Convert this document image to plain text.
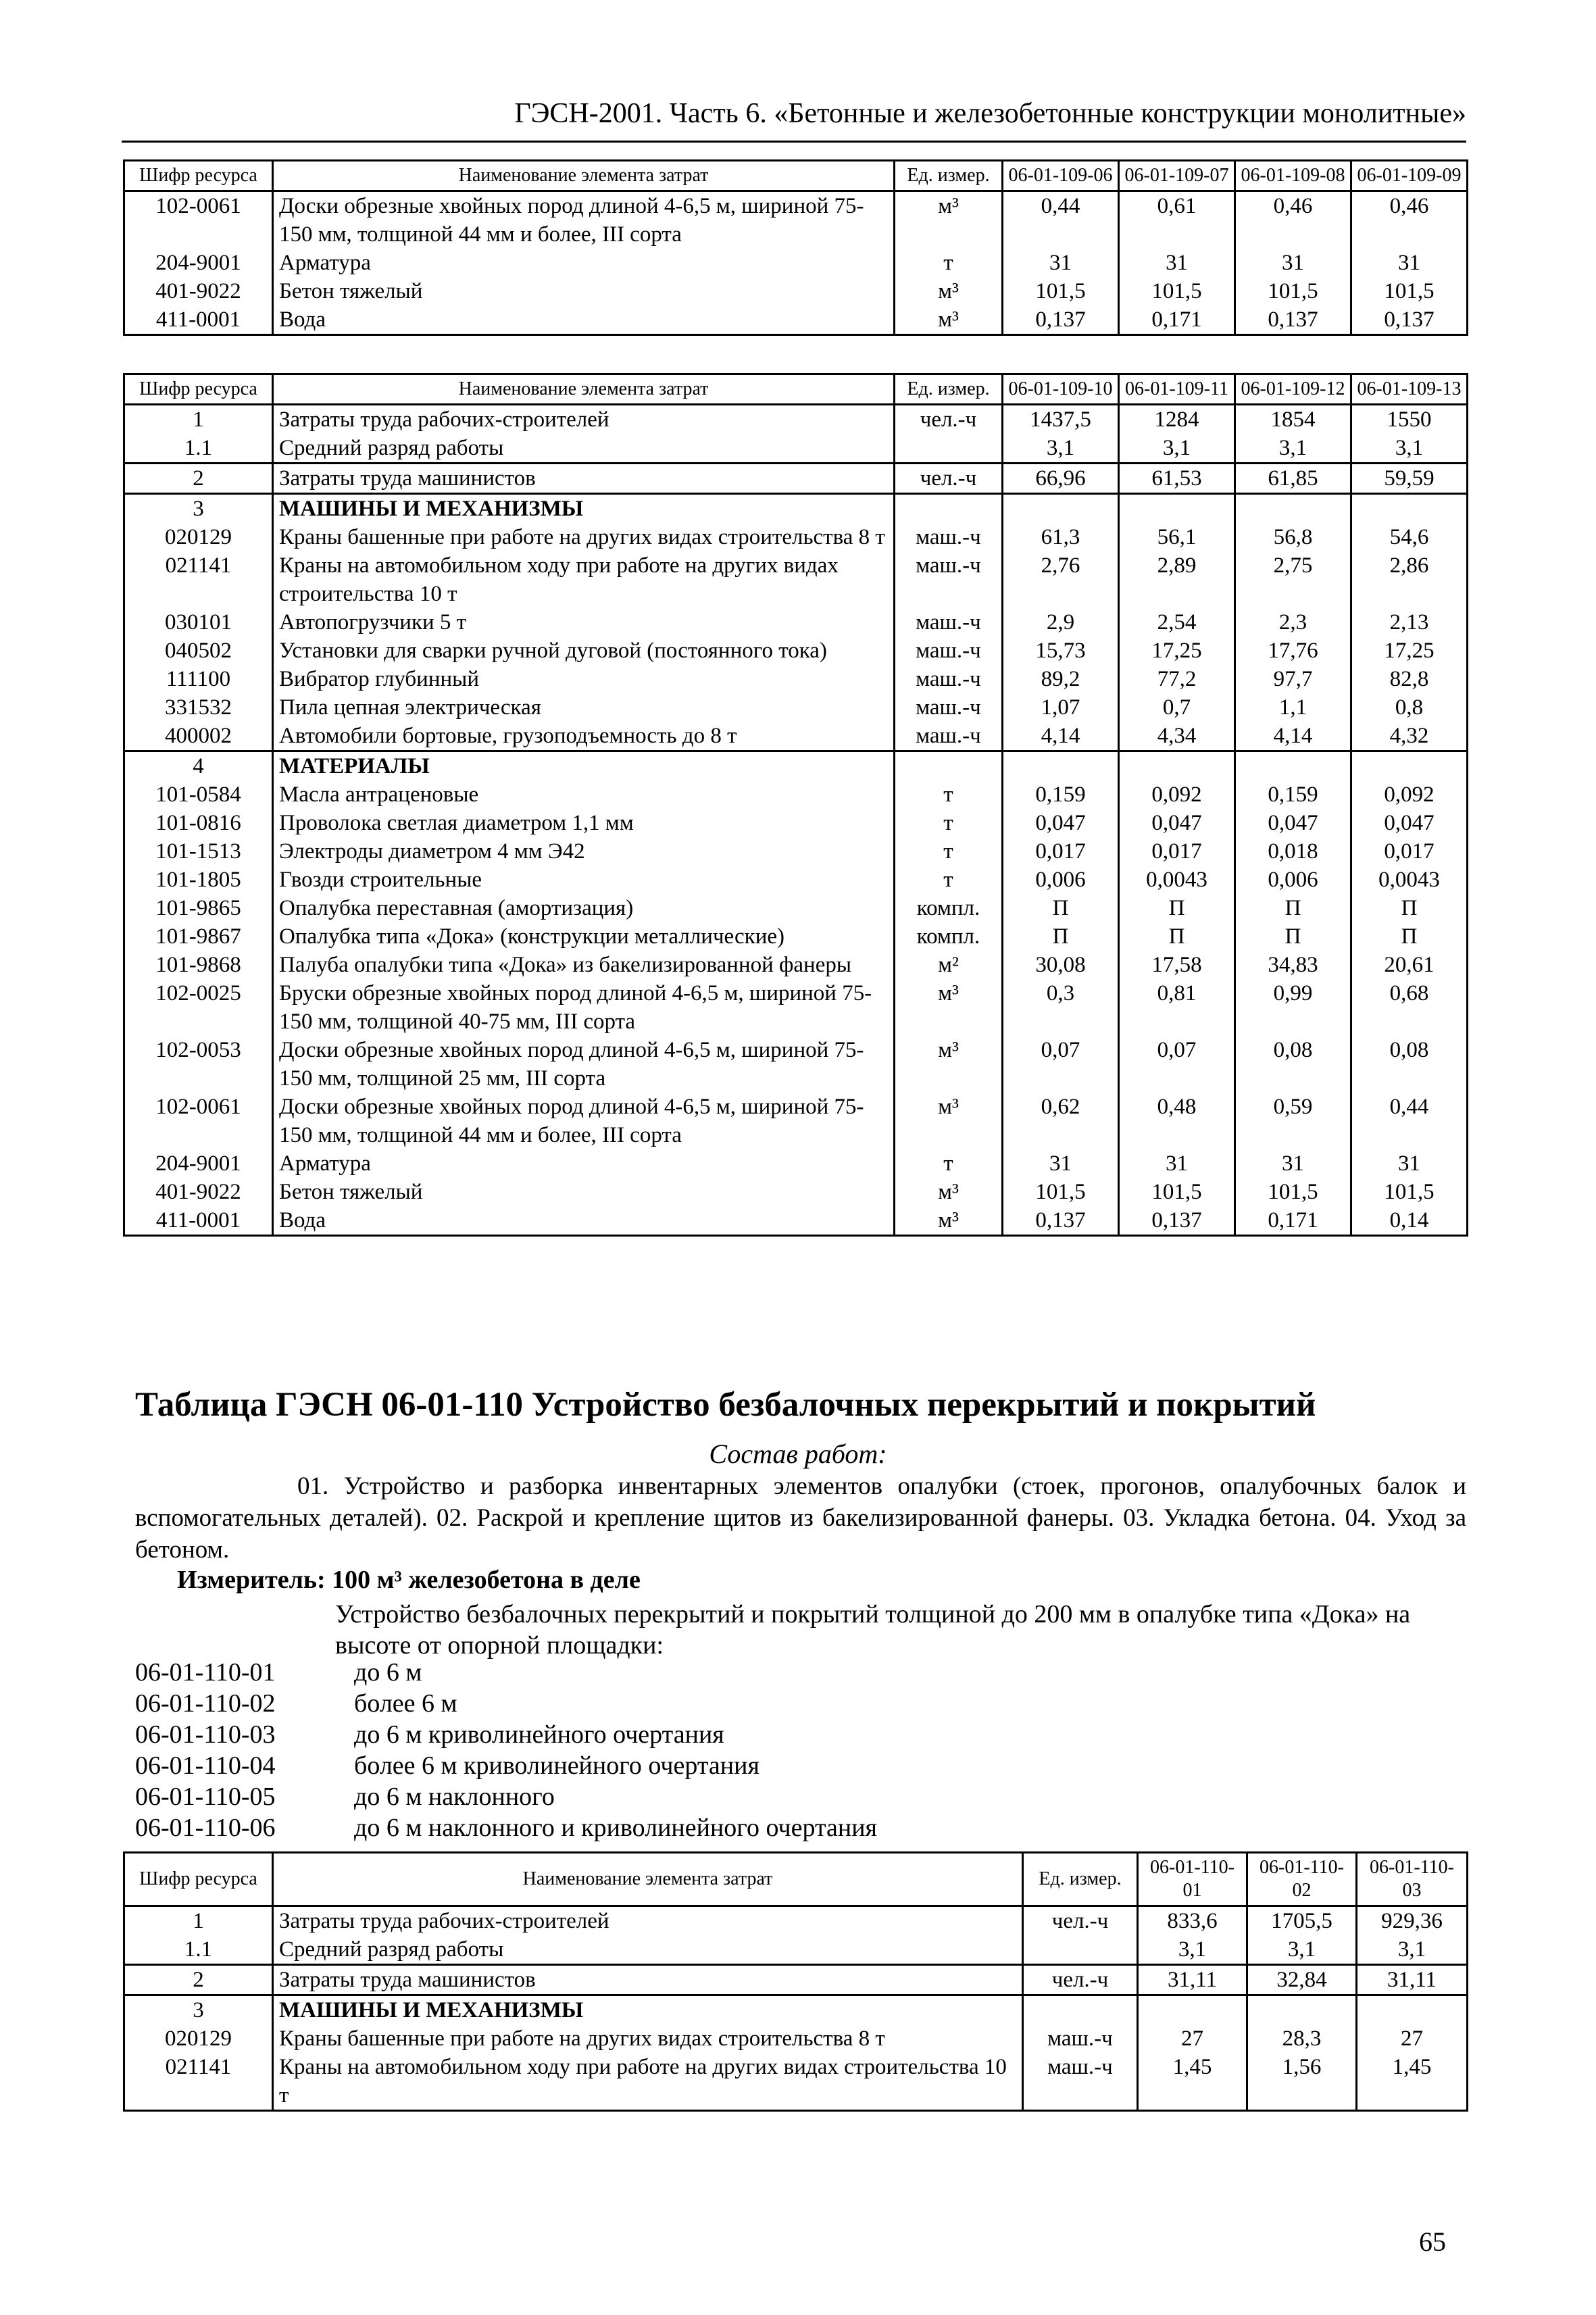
ГЭСН-2001. Часть 6. «Бетонные и железобетонные конструкции монолитные»
Шифр ресурса	Наименование элемента затрат	Ед. измер.	06-01-109-06	06-01-109-07	06-01-109-08	06-01-109-09
102-0061	Доски обрезные хвойных пород длиной 4-6,5 м, шириной 75-150 мм, толщиной 44 мм и более, III сорта	м³	0,44	0,61	0,46	0,46
204-9001	Арматура	т	31	31	31	31
401-9022	Бетон тяжелый	м³	101,5	101,5	101,5	101,5
411-0001	Вода	м³	0,137	0,171	0,137	0,137
Шифр ресурса	Наименование элемента затрат	Ед. измер.	06-01-109-10	06-01-109-11	06-01-109-12	06-01-109-13
1	Затраты труда рабочих-строителей	чел.-ч	1437,5	1284	1854	1550
1.1	Средний разряд работы		3,1	3,1	3,1	3,1
2	Затраты труда машинистов	чел.-ч	66,96	61,53	61,85	59,59
3	МАШИНЫ И МЕХАНИЗМЫ					
020129	Краны башенные при работе на других видах строительства 8 т	маш.-ч	61,3	56,1	56,8	54,6
021141	Краны на автомобильном ходу при работе на других видах строительства 10 т	маш.-ч	2,76	2,89	2,75	2,86
030101	Автопогрузчики 5 т	маш.-ч	2,9	2,54	2,3	2,13
040502	Установки для сварки ручной дуговой (постоянного тока)	маш.-ч	15,73	17,25	17,76	17,25
111100	Вибратор глубинный	маш.-ч	89,2	77,2	97,7	82,8
331532	Пила цепная электрическая	маш.-ч	1,07	0,7	1,1	0,8
400002	Автомобили бортовые, грузоподъемность до 8 т	маш.-ч	4,14	4,34	4,14	4,32
4	МАТЕРИАЛЫ					
101-0584	Масла антраценовые	т	0,159	0,092	0,159	0,092
101-0816	Проволока светлая диаметром 1,1 мм	т	0,047	0,047	0,047	0,047
101-1513	Электроды диаметром 4 мм Э42	т	0,017	0,017	0,018	0,017
101-1805	Гвозди строительные	т	0,006	0,0043	0,006	0,0043
101-9865	Опалубка переставная (амортизация)	компл.	П	П	П	П
101-9867	Опалубка типа «Дока» (конструкции металлические)	компл.	П	П	П	П
101-9868	Палуба опалубки типа «Дока» из бакелизированной фанеры	м²	30,08	17,58	34,83	20,61
102-0025	Бруски обрезные хвойных пород длиной 4-6,5 м, шириной 75-150 мм, толщиной 40-75 мм, III сорта	м³	0,3	0,81	0,99	0,68
102-0053	Доски обрезные хвойных пород длиной 4-6,5 м, шириной 75-150 мм, толщиной 25 мм, III сорта	м³	0,07	0,07	0,08	0,08
102-0061	Доски обрезные хвойных пород длиной 4-6,5 м, шириной 75-150 мм, толщиной 44 мм и более, III сорта	м³	0,62	0,48	0,59	0,44
204-9001	Арматура	т	31	31	31	31
401-9022	Бетон тяжелый	м³	101,5	101,5	101,5	101,5
411-0001	Вода	м³	0,137	0,137	0,171	0,14
Таблица ГЭСН 06-01-110 Устройство безбалочных перекрытий и покрытий
Состав работ:

01. Устройство и разборка инвентарных элементов опалубки (стоек, прогонов, опалубочных балок и вспомогательных деталей). 02. Раскрой и крепление щитов из бакелизированной фанеры. 03. Укладка бетона. 04. Уход за бетоном.

Измеритель: 100 м³ железобетона в деле

Устройство безбалочных перекрытий и покрытий толщиной до 200 мм в опалубке типа «Дока» на высоте от опорной площадки:

06-01-110-01	до 6 м
06-01-110-02	более 6 м
06-01-110-03	до 6 м криволинейного очертания
06-01-110-04	более 6 м криволинейного очертания
06-01-110-05	до 6 м наклонного
06-01-110-06	до 6 м наклонного и криволинейного очертания
Шифр ресурса	Наименование элемента затрат	Ед. измер.	06-01-110-01	06-01-110-02	06-01-110-03
1	Затраты труда рабочих-строителей	чел.-ч	833,6	1705,5	929,36
1.1	Средний разряд работы		3,1	3,1	3,1
2	Затраты труда машинистов	чел.-ч	31,11	32,84	31,11
3	МАШИНЫ И МЕХАНИЗМЫ				
020129	Краны башенные при работе на других видах строительства 8 т	маш.-ч	27	28,3	27
021141	Краны на автомобильном ходу при работе на других видах строительства 10 т	маш.-ч	1,45	1,56	1,45
65
